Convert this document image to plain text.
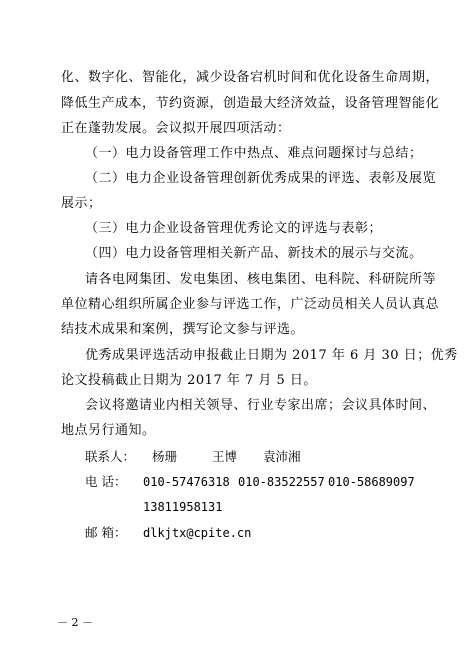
化、数字化、智能化，减少设备宕机时间和优化设备生命周期，
降低生产成本，节约资源，创造最大经济效益，设备管理智能化
正在蓬勃发展。会议拟开展四项活动：
（一）电力设备管理工作中热点、难点问题探讨与总结；
（二）电力企业设备管理创新优秀成果的评选、表彰及展览
展示；
（三）电力企业设备管理优秀论文的评选与表彰；
（四）电力设备管理相关新产品、新技术的展示与交流。
请各电网集团、发电集团、核电集团、电科院、科研院所等
单位精心组织所属企业参与评选工作，广泛动员相关人员认真总
结技术成果和案例，撰写论文参与评选。
优秀成果评选活动申报截止日期为 2017 年 6 月 30 日；优秀
论文投稿截止日期为 2017 年 7 月 5 日。
会议将邀请业内相关领导、行业专家出席；会议具体时间、
地点另行通知。
联系人： 杨珊	王博 袁沛湘
电 话： 010-57476318 010-83522557 010-58689097
13811958131
邮 箱： dlkjtx@cpite.cn
－ 2 －
